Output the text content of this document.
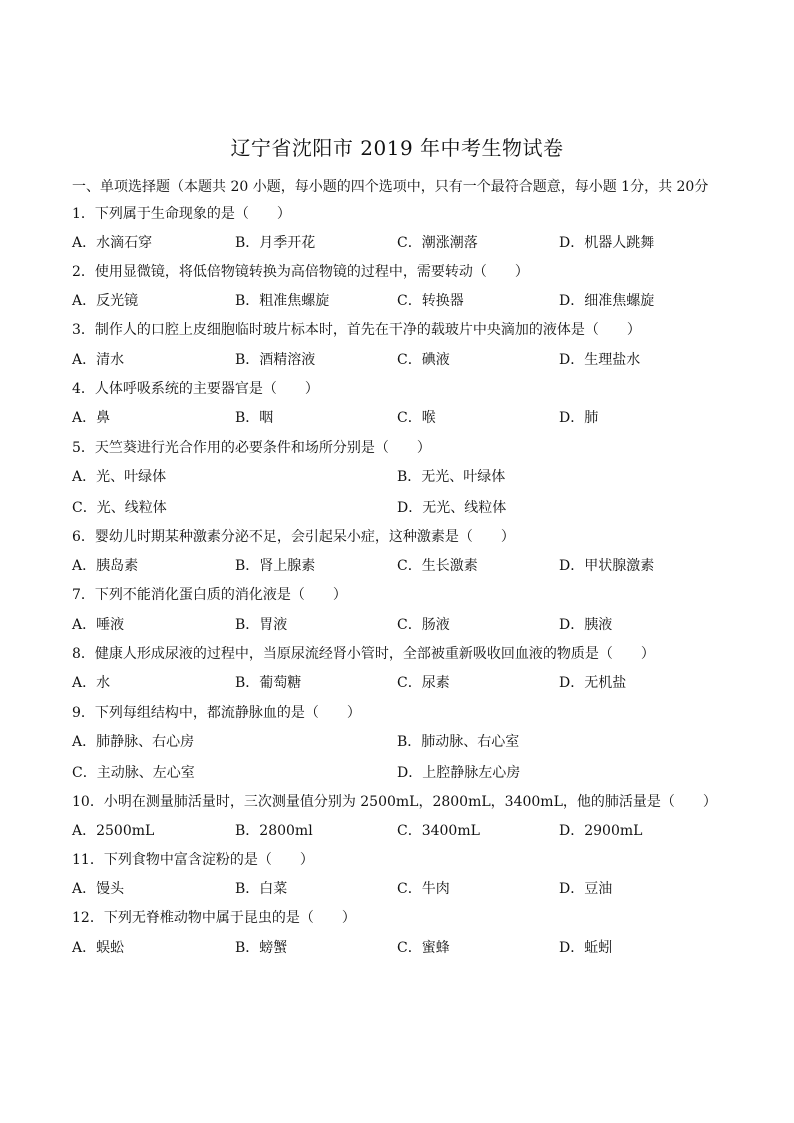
辽宁省沈阳市 2019 年中考生物试卷
一、单项选择题（本题共 20 小题，每小题的四个选项中，只有一个最符合题意，每小题 1分，共 20分
1．下列属于生命现象的是（　　）
A．水滴石穿	B．月季开花	C．潮涨潮落	D．机器人跳舞
2．使用显微镜，将低倍物镜转换为高倍物镜的过程中，需要转动（　　）
A．反光镜	B．粗准焦螺旋	C．转换器	D．细准焦螺旋
3．制作人的口腔上皮细胞临时玻片标本时，首先在干净的载玻片中央滴加的液体是（　　）
A．清水	B．酒精溶液	C．碘液	D．生理盐水
4．人体呼吸系统的主要器官是（　　）
A．鼻	B．咽	C．喉	D．肺
5．天竺葵进行光合作用的必要条件和场所分别是（　　）
A．光、叶绿体	B．无光、叶绿体
C．光、线粒体	D．无光、线粒体
6．婴幼儿时期某种激素分泌不足，会引起呆小症，这种激素是（　　）
A．胰岛素	B．肾上腺素	C．生长激素	D．甲状腺激素
7．下列不能消化蛋白质的消化液是（　　）
A．唾液	B．胃液	C．肠液	D．胰液
8．健康人形成尿液的过程中，当原尿流经肾小管时，全部被重新吸收回血液的物质是（　　）
A．水	B．葡萄糖	C．尿素	D．无机盐
9．下列每组结构中，都流静脉血的是（　　）
A．肺静脉、右心房	B．肺动脉、右心室
C．主动脉、左心室	D．上腔静脉左心房
10．小明在测量肺活量时，三次测量值分别为 2500mL，2800mL，3400mL，他的肺活量是（　　）
A．2500mL	B．2800ml	C．3400mL	D．2900mL
11．下列食物中富含淀粉的是（　　）
A．馒头	B．白菜	C．牛肉	D．豆油
12．下列无脊椎动物中属于昆虫的是（　　）
A．蜈蚣	B．螃蟹	C．蜜蜂	D．蚯蚓
